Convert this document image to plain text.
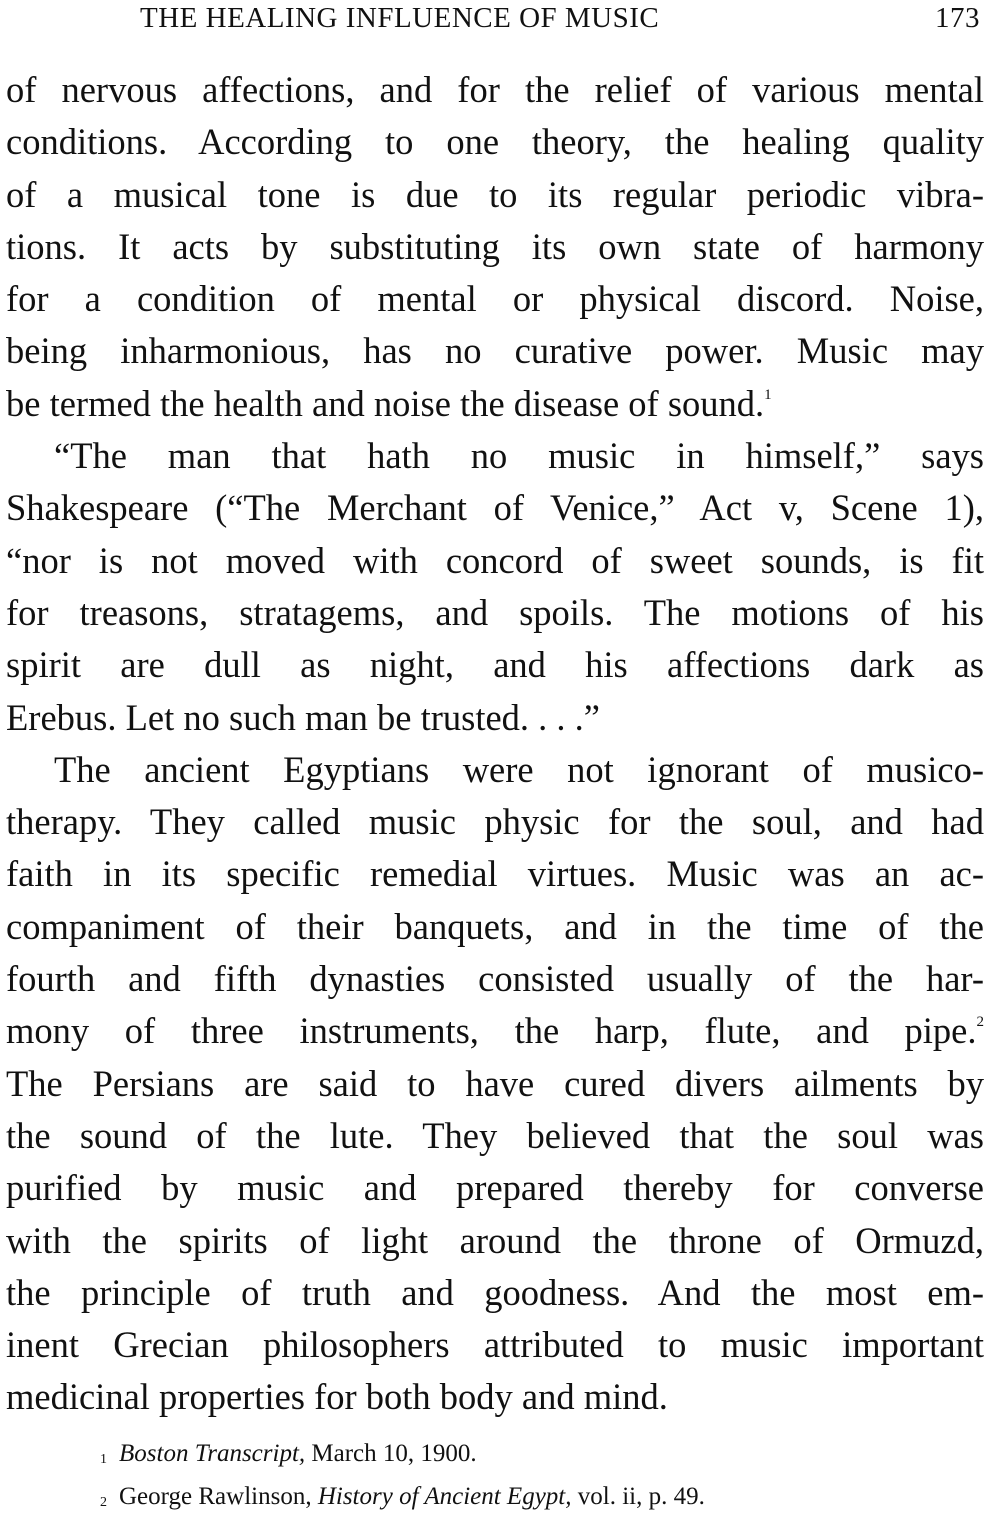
THE HEALING INFLUENCE OF MUSIC	173
of nervous affections, and for the relief of various mental
conditions. According to one theory, the healing quality
of a musical tone is due to its regular periodic vibra-
tions. It acts by substituting its own state of harmony
for a condition of mental or physical discord. Noise,
being inharmonious, has no curative power. Music may
be termed the health and noise the disease of sound.$^1$
“The man that hath no music in himself,” says
Shakespeare (“The Merchant of Venice,” Act v, Scene 1),
“nor is not moved with concord of sweet sounds, is fit
for treasons, stratagems, and spoils. The motions of his
spirit are dull as night, and his affections dark as
Erebus. Let no such man be trusted. . . .”
The ancient Egyptians were not ignorant of musico-
therapy. They called music physic for the soul, and had
faith in its specific remedial virtues. Music was an ac-
companiment of their banquets, and in the time of the
fourth and fifth dynasties consisted usually of the har-
mony of three instruments, the harp, flute, and pipe.$^2$
The Persians are said to have cured divers ailments by
the sound of the lute. They believed that the soul was
purified by music and prepared thereby for converse
with the spirits of light around the throne of Ormuzd,
the principle of truth and goodness. And the most em-
inent Grecian philosophers attributed to music important
medicinal properties for both body and mind.
$^1$ Boston Transcript, March 10, 1900.
$^2$ George Rawlinson, History of Ancient Egypt, vol. ii, p. 49.
